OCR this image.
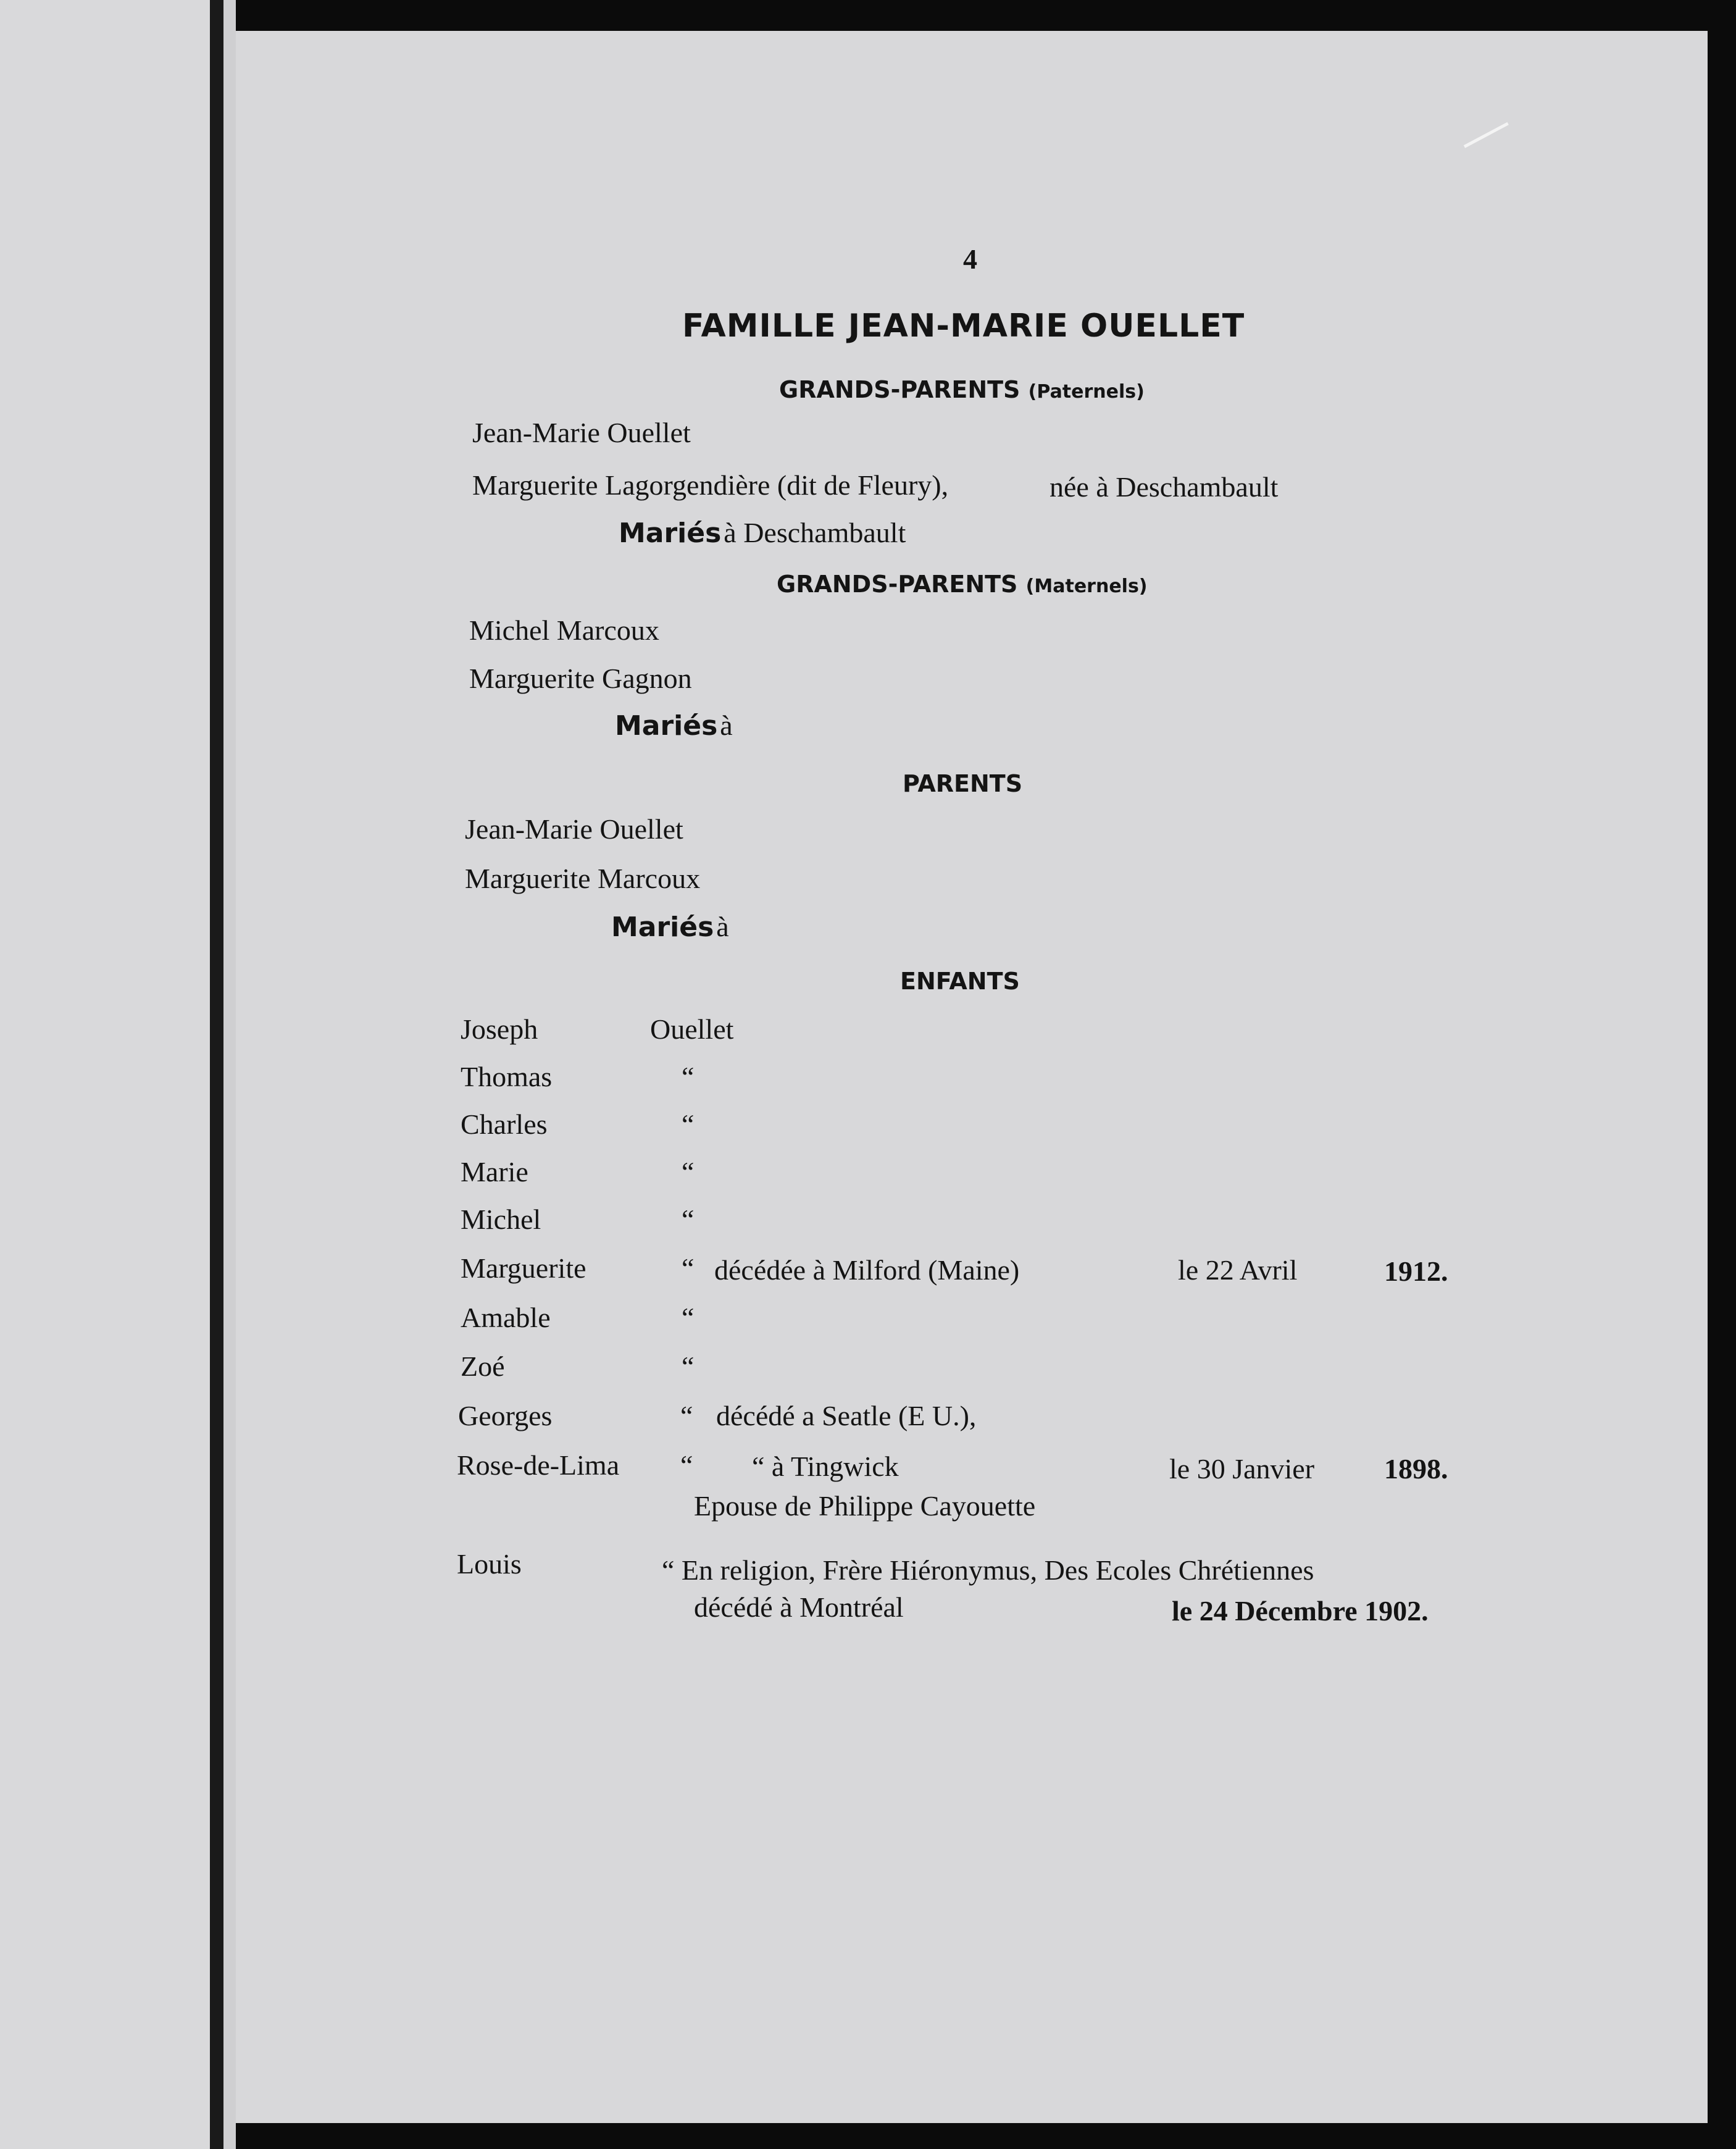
4
FAMILLE JEAN-MARIE OUELLET
GRANDS-PARENTS (Paternels)
Jean-Marie Ouellet
Marguerite Lagorgendière (dit de Fleury),	née à Deschambault
Mariés à Deschambault
GRANDS-PARENTS (Maternels)
Michel Marcoux
Marguerite Gagnon
Mariés à
PARENTS
Jean-Marie Ouellet
Marguerite Marcoux
Mariés à
ENFANTS
Joseph	Ouellet
Thomas	“
Charles	“
Marie	“
Michel	“
Marguerite	“ décédée à Milford (Maine)	le 22 Avril	1912.
Amable	“
Zoé	“
Georges	“ décédé a Seatle (E U.),
Rose-de-Lima “ “ à Tingwick	le 30 Janvier 1898.
Epouse de Philippe Cayouette
Louis	“ En religion, Frère Hiéronymus, Des Ecoles Chrétiennes
décédé à Montréal	le 24 Décembre 1902.
